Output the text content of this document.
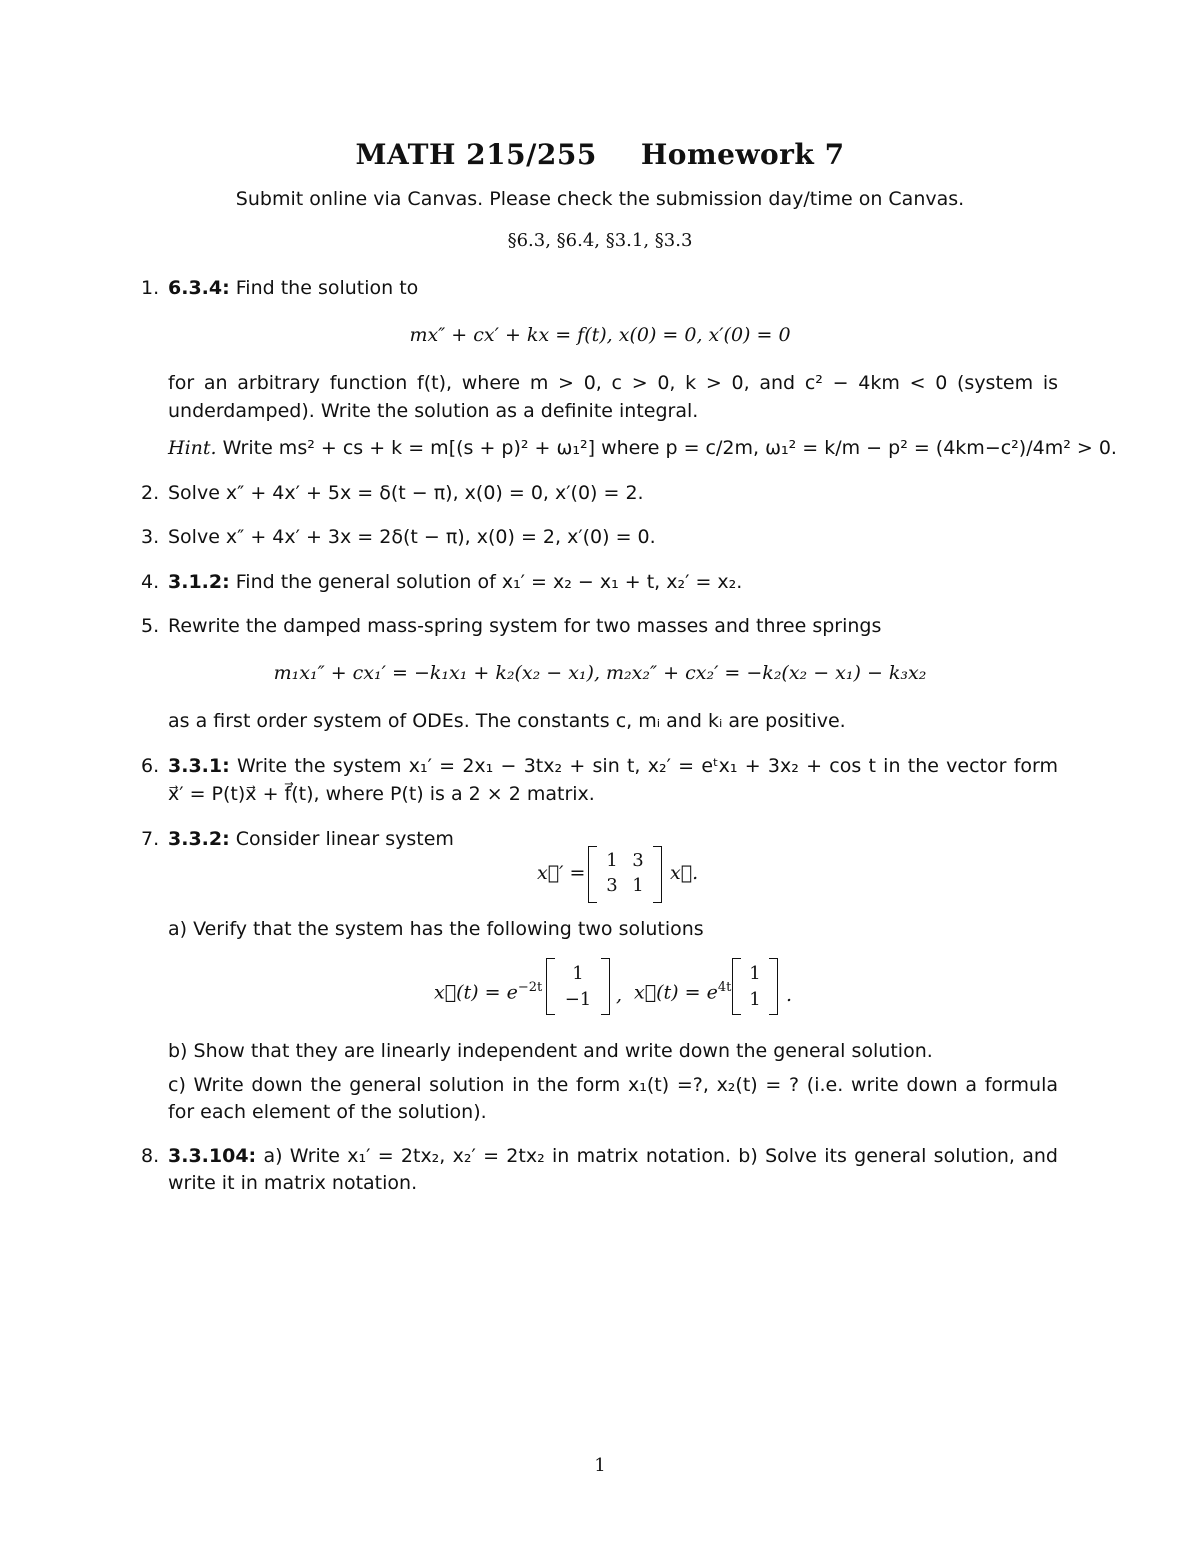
MATH 215/255 Homework 7
Submit online via Canvas. Please check the submission day/time on Canvas.
§6.3, §6.4, §3.1, §3.3
1. 6.3.4: Find the solution to
mx″ + cx′ + kx = f(t), x(0) = 0, x′(0) = 0
for an arbitrary function f(t), where m > 0, c > 0, k > 0, and c² − 4km < 0 (system is
underdamped). Write the solution as a definite integral.
Hint. Write ms² + cs + k = m[(s + p)² + ω₁²] where p = c/2m, ω₁² = k/m − p² = (4km−c²)/4m² > 0.
2. Solve x″ + 4x′ + 5x = δ(t − π), x(0) = 0, x′(0) = 2.
3. Solve x″ + 4x′ + 3x = 2δ(t − π), x(0) = 2, x′(0) = 0.
4. 3.1.2: Find the general solution of x₁′ = x₂ − x₁ + t, x₂′ = x₂.
5. Rewrite the damped mass-spring system for two masses and three springs
m₁x₁″ + cx₁′ = −k₁x₁ + k₂(x₂ − x₁), m₂x₂″ + cx₂′ = −k₂(x₂ − x₁) − k₃x₂
as a first order system of ODEs. The constants c, mᵢ and kᵢ are positive.
6. 3.3.1: Write the system x₁′ = 2x₁ − 3tx₂ + sin t, x₂′ = eᵗx₁ + 3x₂ + cos t in the vector form
x⃗′ = P(t)x⃗ + f⃗(t), where P(t) is a 2 × 2 matrix.
7. 3.3.2: Consider linear system
x⃗′ =
1 3
3 1
x⃗.
a) Verify that the system has the following two solutions
x⃗(t) = $e^{-2t}$
1
−1 , x⃗(t) = $e^{4t}$
1
1	.
b) Show that they are linearly independent and write down the general solution.
c) Write down the general solution in the form x₁(t) =?, x₂(t) = ? (i.e. write down a formula
for each element of the solution).
8. 3.3.104: a) Write x₁′ = 2tx₂, x₂′ = 2tx₂ in matrix notation. b) Solve its general solution, and
write it in matrix notation.
1
